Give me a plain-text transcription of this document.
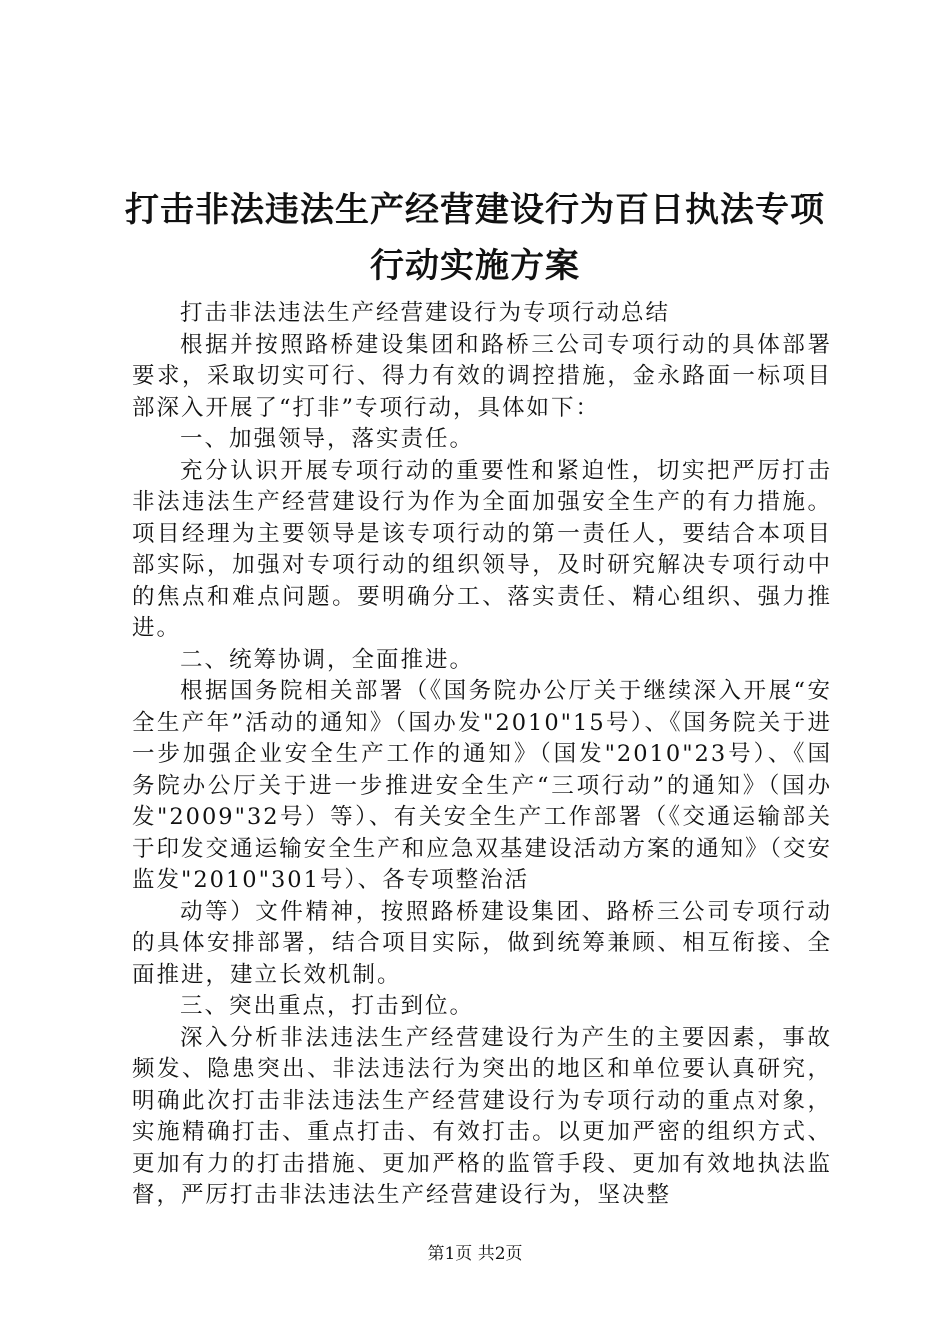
打击非法违法生产经营建设行为百日执法专项
行动实施方案

打击非法违法生产经营建设行为专项行动总结

根据并按照路桥建设集团和路桥三公司专项行动的具体部署要求，采取切实可行、得力有效的调控措施，金永路面一标项目部深入开展了“打非”专项行动，具体如下：

一、加强领导，落实责任。

充分认识开展专项行动的重要性和紧迫性，切实把严厉打击非法违法生产经营建设行为作为全面加强安全生产的有力措施。项目经理为主要领导是该专项行动的第一责任人，要结合本项目部实际，加强对专项行动的组织领导，及时研究解决专项行动中的焦点和难点问题。要明确分工、落实责任、精心组织、强力推进。

二、统筹协调，全面推进。

根据国务院相关部署（《国务院办公厅关于继续深入开展“安全生产年”活动的通知》（国办发"2010"15号）、《国务院关于进一步加强企业安全生产工作的通知》（国发"2010"23号）、《国务院办公厅关于进一步推进安全生产“三项行动”的通知》（国办发"2009"32号）等）、有关安全生产工作部署（《交通运输部关于印发交通运输安全生产和应急双基建设活动方案的通知》（交安监发"2010"301号）、各专项整治活

动等）文件精神，按照路桥建设集团、路桥三公司专项行动的具体安排部署，结合项目实际，做到统筹兼顾、相互衔接、全面推进，建立长效机制。

三、突出重点，打击到位。

深入分析非法违法生产经营建设行为产生的主要因素，事故频发、隐患突出、非法违法行为突出的地区和单位要认真研究，明确此次打击非法违法生产经营建设行为专项行动的重点对象，实施精确打击、重点打击、有效打击。以更加严密的组织方式、更加有力的打击措施、更加严格的监管手段、更加有效地执法监督，严厉打击非法违法生产经营建设行为，坚决整

第1页 共2页
